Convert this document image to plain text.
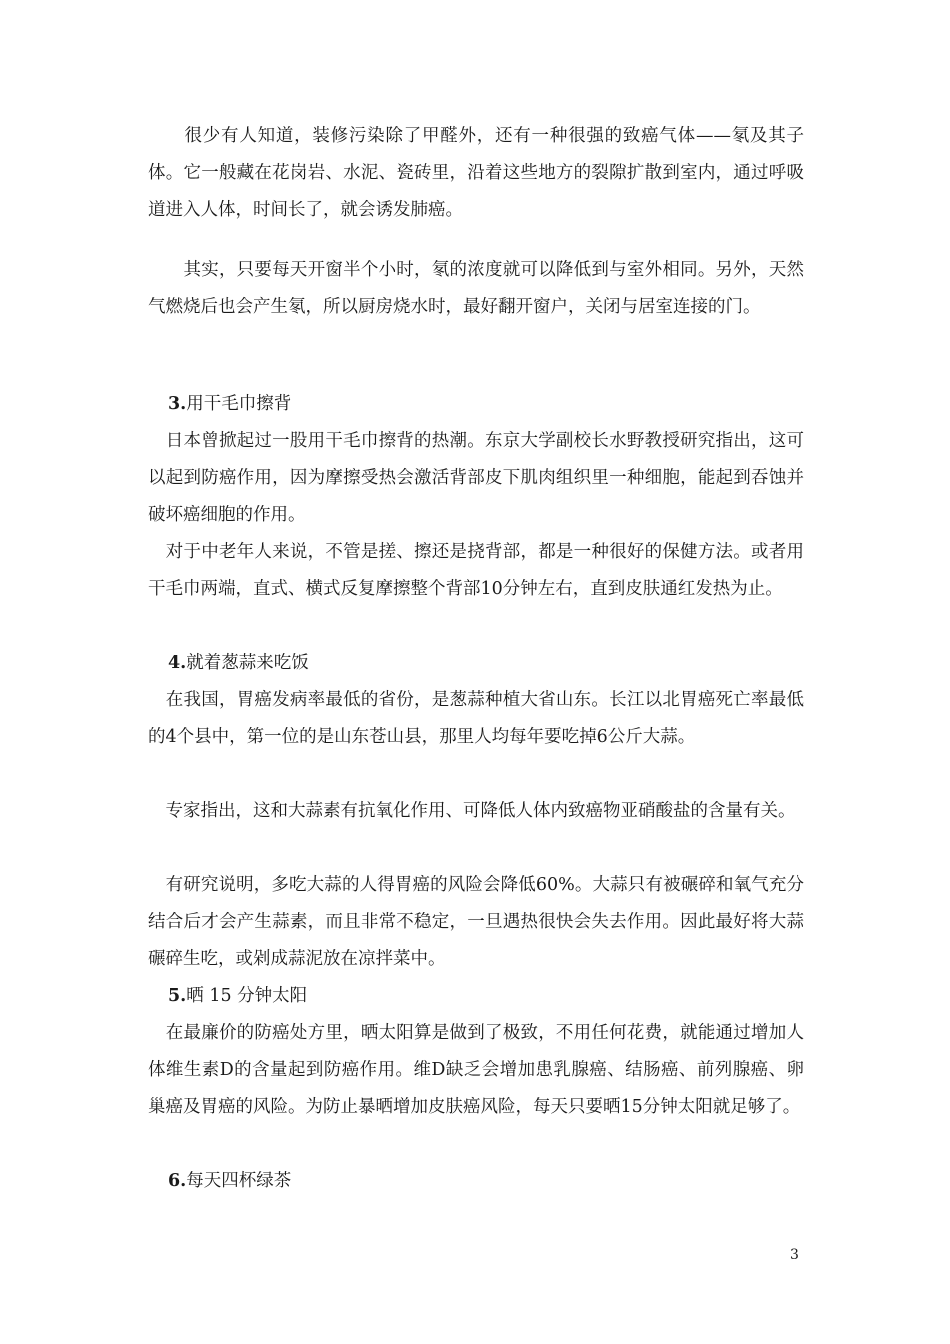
　　很少有人知道，装修污染除了甲醛外，还有一种很强的致癌气体——氡及其子体。它一般藏在花岗岩、水泥、瓷砖里，沿着这些地方的裂隙扩散到室内，通过呼吸道进入人体，时间长了，就会诱发肺癌。

　　其实，只要每天开窗半个小时，氡的浓度就可以降低到与室外相同。另外，天然气燃烧后也会产生氡，所以厨房烧水时，最好翻开窗户，关闭与居室连接的门。

3.用干毛巾擦背

　日本曾掀起过一股用干毛巾擦背的热潮。东京大学副校长水野教授研究指出，这可以起到防癌作用，因为摩擦受热会激活背部皮下肌肉组织里一种细胞，能起到吞蚀并破坏癌细胞的作用。

　对于中老年人来说，不管是搓、擦还是挠背部，都是一种很好的保健方法。或者用干毛巾两端，直式、横式反复摩擦整个背部10分钟左右，直到皮肤通红发热为止。

4.就着葱蒜来吃饭

　在我国，胃癌发病率最低的省份，是葱蒜种植大省山东。长江以北胃癌死亡率最低的4个县中，第一位的是山东苍山县，那里人均每年要吃掉6公斤大蒜。

　专家指出，这和大蒜素有抗氧化作用、可降低人体内致癌物亚硝酸盐的含量有关。

　有研究说明，多吃大蒜的人得胃癌的风险会降低60%。大蒜只有被碾碎和氧气充分结合后才会产生蒜素，而且非常不稳定，一旦遇热很快会失去作用。因此最好将大蒜碾碎生吃，或剁成蒜泥放在凉拌菜中。

5.晒 15 分钟太阳

　在最廉价的防癌处方里，晒太阳算是做到了极致，不用任何花费，就能通过增加人体维生素D的含量起到防癌作用。维D缺乏会增加患乳腺癌、结肠癌、前列腺癌、卵巢癌及胃癌的风险。为防止暴晒增加皮肤癌风险，每天只要晒15分钟太阳就足够了。

6.每天四杯绿茶
3
